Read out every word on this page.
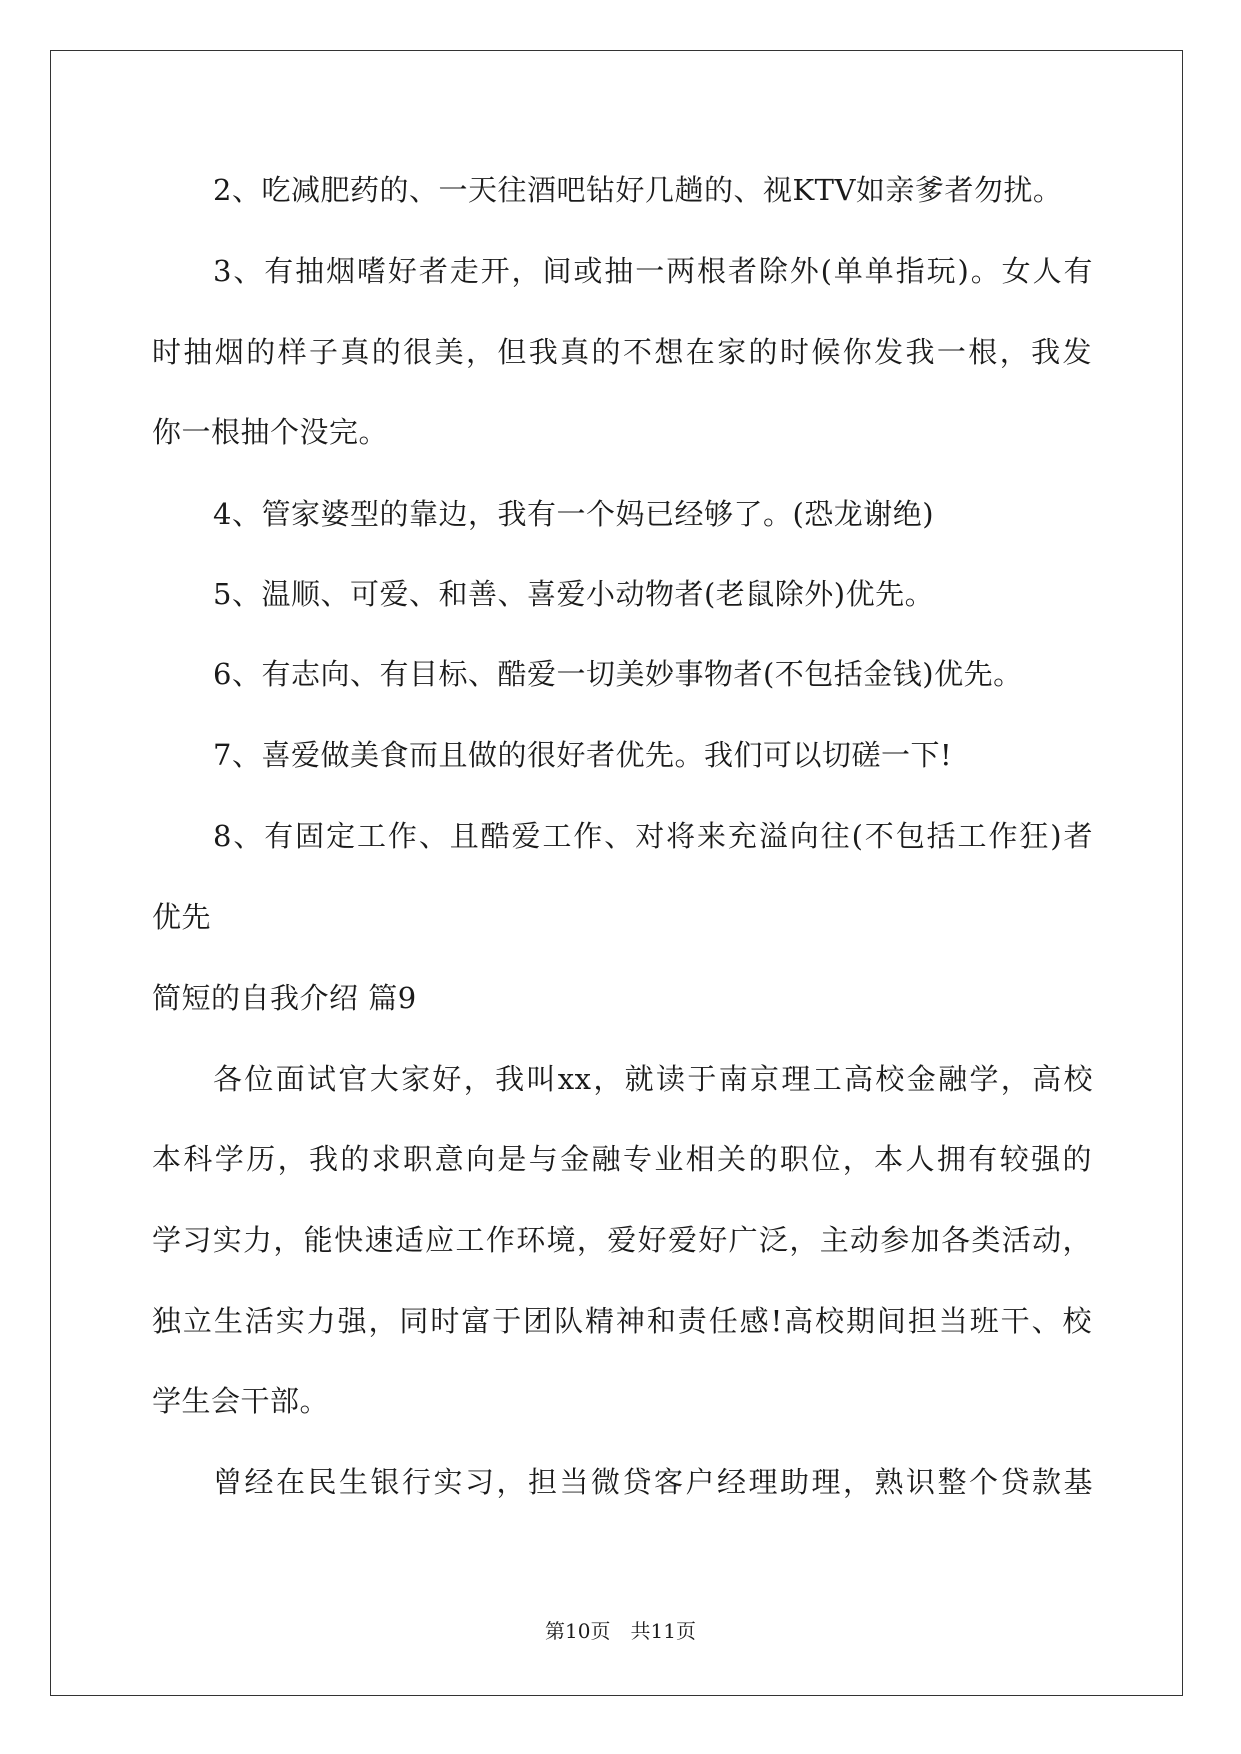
2、吃减肥药的、一天往酒吧钻好几趟的、视KTV如亲爹者勿扰。
3、有抽烟嗜好者走开，间或抽一两根者除外(单单指玩)。女人有
时抽烟的样子真的很美，但我真的不想在家的时候你发我一根，我发
你一根抽个没完。
4、管家婆型的靠边，我有一个妈已经够了。(恐龙谢绝)
5、温顺、可爱、和善、喜爱小动物者(老鼠除外)优先。
6、有志向、有目标、酷爱一切美妙事物者(不包括金钱)优先。
7、喜爱做美食而且做的很好者优先。我们可以切磋一下!
8、有固定工作、且酷爱工作、对将来充溢向往(不包括工作狂)者
优先
简短的自我介绍 篇9
各位面试官大家好，我叫xx，就读于南京理工高校金融学，高校
本科学历，我的求职意向是与金融专业相关的职位，本人拥有较强的
学习实力，能快速适应工作环境，爱好爱好广泛，主动参加各类活动，
独立生活实力强，同时富于团队精神和责任感!高校期间担当班干、校
学生会干部。
曾经在民生银行实习，担当微贷客户经理助理，熟识整个贷款基
第10页 共11页
